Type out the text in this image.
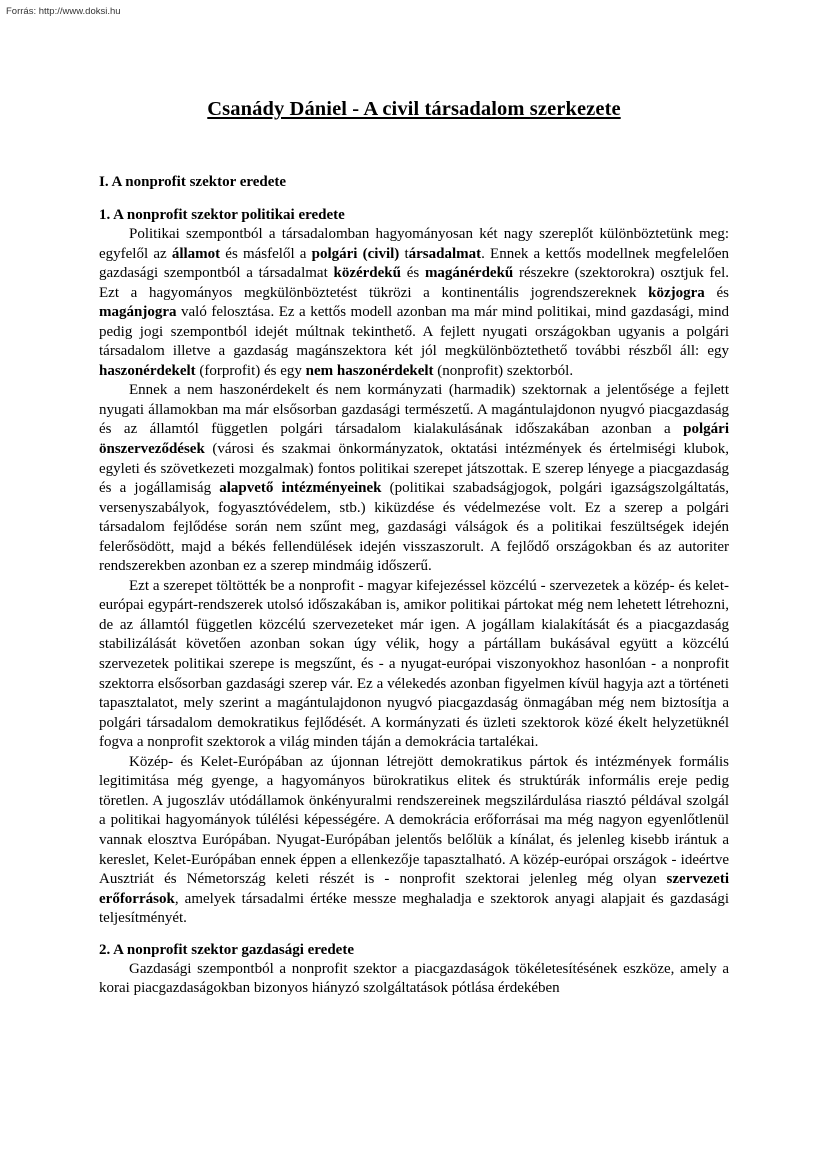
Forrás: http://www.doksi.hu
Csanády Dániel - A civil társadalom szerkezete
I. A nonprofit szektor eredete
1. A nonprofit szektor politikai eredete

Politikai szempontból a társadalomban hagyományosan két nagy szereplőt különböztetünk meg: egyfelől az államot és másfelől a polgári (civil) társadalmat. Ennek a kettős modellnek megfelelően gazdasági szempontból a társadalmat közérdekű és magánérdekű részekre (szektorokra) osztjuk fel. Ezt a hagyományos megkülönböztetést tükrözi a kontinentális jogrendszereknek közjogra és magánjogra való felosztása. Ez a kettős modell azonban ma már mind politikai, mind gazdasági, mind pedig jogi szempontból idejét múltnak tekinthető. A fejlett nyugati országokban ugyanis a polgári társadalom illetve a gazdaság magánszektora két jól megkülönböztethető további részből áll: egy haszonérdekelt (forprofit) és egy nem haszonérdekelt (nonprofit) szektorból.

Ennek a nem haszonérdekelt és nem kormányzati (harmadik) szektornak a jelentősége a fejlett nyugati államokban ma már elsősorban gazdasági természetű. A magántulajdonon nyugvó piacgazdaság és az államtól független polgári társadalom kialakulásának időszakában azonban a polgári önszerveződések (városi és szakmai önkormányzatok, oktatási intézmények és értelmiségi klubok, egyleti és szövetkezeti mozgalmak) fontos politikai szerepet játszottak. E szerep lényege a piacgazdaság és a jogállamiság alapvető intézményeinek (politikai szabadságjogok, polgári igazságszolgáltatás, versenyszabályok, fogyasztóvédelem, stb.) kiküzdése és védelmezése volt. Ez a szerep a polgári társadalom fejlődése során nem szűnt meg, gazdasági válságok és a politikai feszültségek idején felerősödött, majd a békés fellendülések idején visszaszorult. A fejlődő országokban és az autoriter rendszerekben azonban ez a szerep mindmáig időszerű.

Ezt a szerepet töltötték be a nonprofit - magyar kifejezéssel közcélú - szervezetek a közép- és kelet-európai egypárt-rendszerek utolsó időszakában is, amikor politikai pártokat még nem lehetett létrehozni, de az államtól független közcélú szervezeteket már igen. A jogállam kialakítását és a piacgazdaság stabilizálását követően azonban sokan úgy vélik, hogy a pártállam bukásával együtt a közcélú szervezetek politikai szerepe is megszűnt, és - a nyugat-európai viszonyokhoz hasonlóan - a nonprofit szektorra elsősorban gazdasági szerep vár. Ez a vélekedés azonban figyelmen kívül hagyja azt a történeti tapasztalatot, mely szerint a magántulajdonon nyugvó piacgazdaság önmagában még nem biztosítja a polgári társadalom demokratikus fejlődését. A kormányzati és üzleti szektorok közé ékelt helyzetüknél fogva a nonprofit szektorok a világ minden táján a demokrácia tartalékai.

Közép- és Kelet-Európában az újonnan létrejött demokratikus pártok és intézmények formális legitimitása még gyenge, a hagyományos bürokratikus elitek és struktúrák informális ereje pedig töretlen. A jugoszláv utódállamok önkényuralmi rendszereinek megszilárdulása riasztó példával szolgál a politikai hagyományok túlélési képességére. A demokrácia erőforrásai ma még nagyon egyenlőtlenül vannak elosztva Európában. Nyugat-Európában jelentős belőlük a kínálat, és jelenleg kisebb irántuk a kereslet, Kelet-Európában ennek éppen a ellenkezője tapasztalható. A közép-európai országok - ideértve Ausztriát és Németország keleti részét is - nonprofit szektorai jelenleg még olyan szervezeti erőforrások, amelyek társadalmi értéke messze meghaladja e szektorok anyagi alapjait és gazdasági teljesítményét.

2. A nonprofit szektor gazdasági eredete

Gazdasági szempontból a nonprofit szektor a piacgazdaságok tökéletesítésének eszköze, amely a korai piacgazdaságokban bizonyos hiányzó szolgáltatások pótlása érdekében
